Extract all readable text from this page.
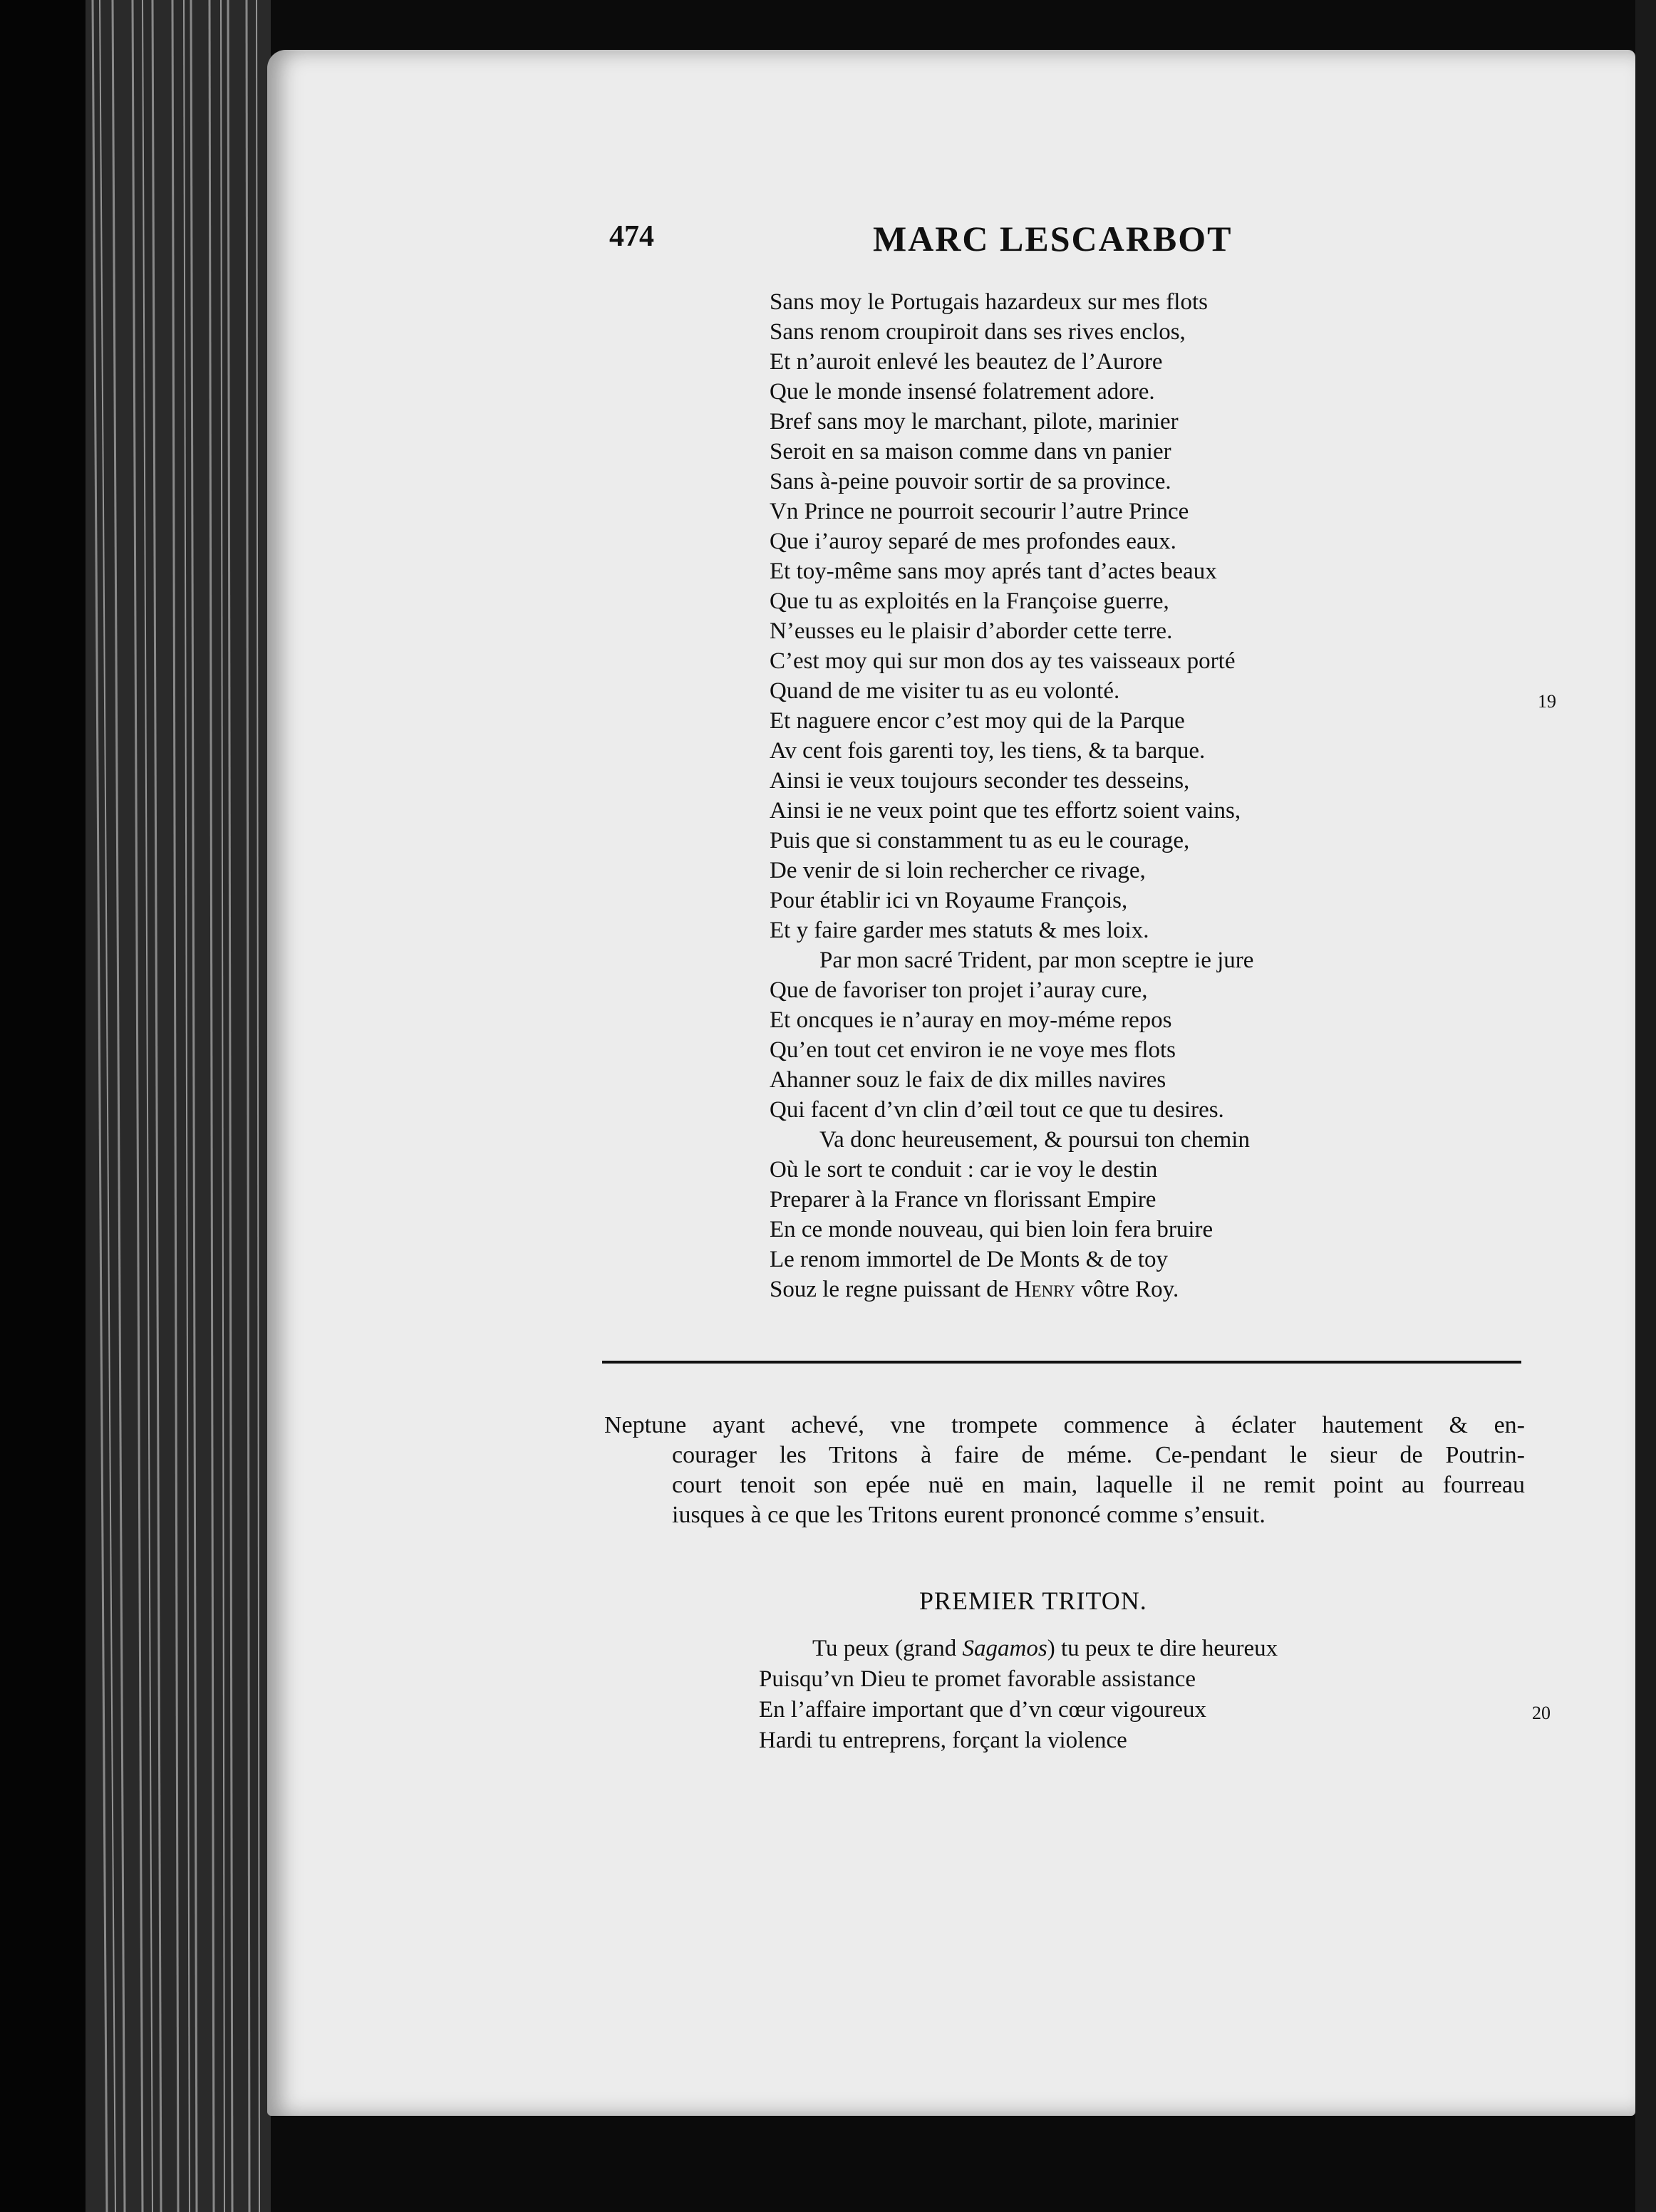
474	MARC LESCARBOT
Sans moy le Portugais hazardeux sur mes flots
Sans renom croupiroit dans ses rives enclos,
Et n’auroit enlevé les beautez de l’Aurore
Que le monde insensé folatrement adore.
Bref sans moy le marchant, pilote, marinier
Seroit en sa maison comme dans vn panier
Sans à-peine pouvoir sortir de sa province.
Vn Prince ne pourroit secourir l’autre Prince
Que i’auroy separé de mes profondes eaux.
Et toy-même sans moy aprés tant d’actes beaux
Que tu as exploités en la Françoise guerre,
N’eusses eu le plaisir d’aborder cette terre.
C’est moy qui sur mon dos ay tes vaisseaux porté
Quand de me visiter tu as eu volonté.
Et naguere encor c’est moy qui de la Parque
Av cent fois garenti toy, les tiens, & ta barque.
Ainsi ie veux toujours seconder tes desseins,
Ainsi ie ne veux point que tes effortz soient vains,
Puis que si constamment tu as eu le courage,
De venir de si loin rechercher ce rivage,
Pour établir ici vn Royaume François,
Et y faire garder mes statuts & mes loix.
Par mon sacré Trident, par mon sceptre ie jure
Que de favoriser ton projet i’auray cure,
Et oncques ie n’auray en moy-méme repos
Qu’en tout cet environ ie ne voye mes flots
Ahanner souz le faix de dix milles navires
Qui facent d’vn clin d’œil tout ce que tu desires.
Va donc heureusement, & poursui ton chemin
Où le sort te conduit : car ie voy le destin
Preparer à la France vn florissant Empire
En ce monde nouveau, qui bien loin fera bruire
Le renom immortel de De Monts & de toy
Souz le regne puissant de Henry vôtre Roy.
19
Neptune ayant achevé, vne trompete commence à éclater hautement & en-
courager les Tritons à faire de méme. Ce-pendant le sieur de Poutrin-
court tenoit son epée nuë en main, laquelle il ne remit point au fourreau
iusques à ce que les Tritons eurent prononcé comme s’ensuit.
PREMIER TRITON.
Tu peux (grand Sagamos) tu peux te dire heureux
Puisqu’vn Dieu te promet favorable assistance
En l’affaire important que d’vn cœur vigoureux
Hardi tu entreprens, forçant la violence
20
